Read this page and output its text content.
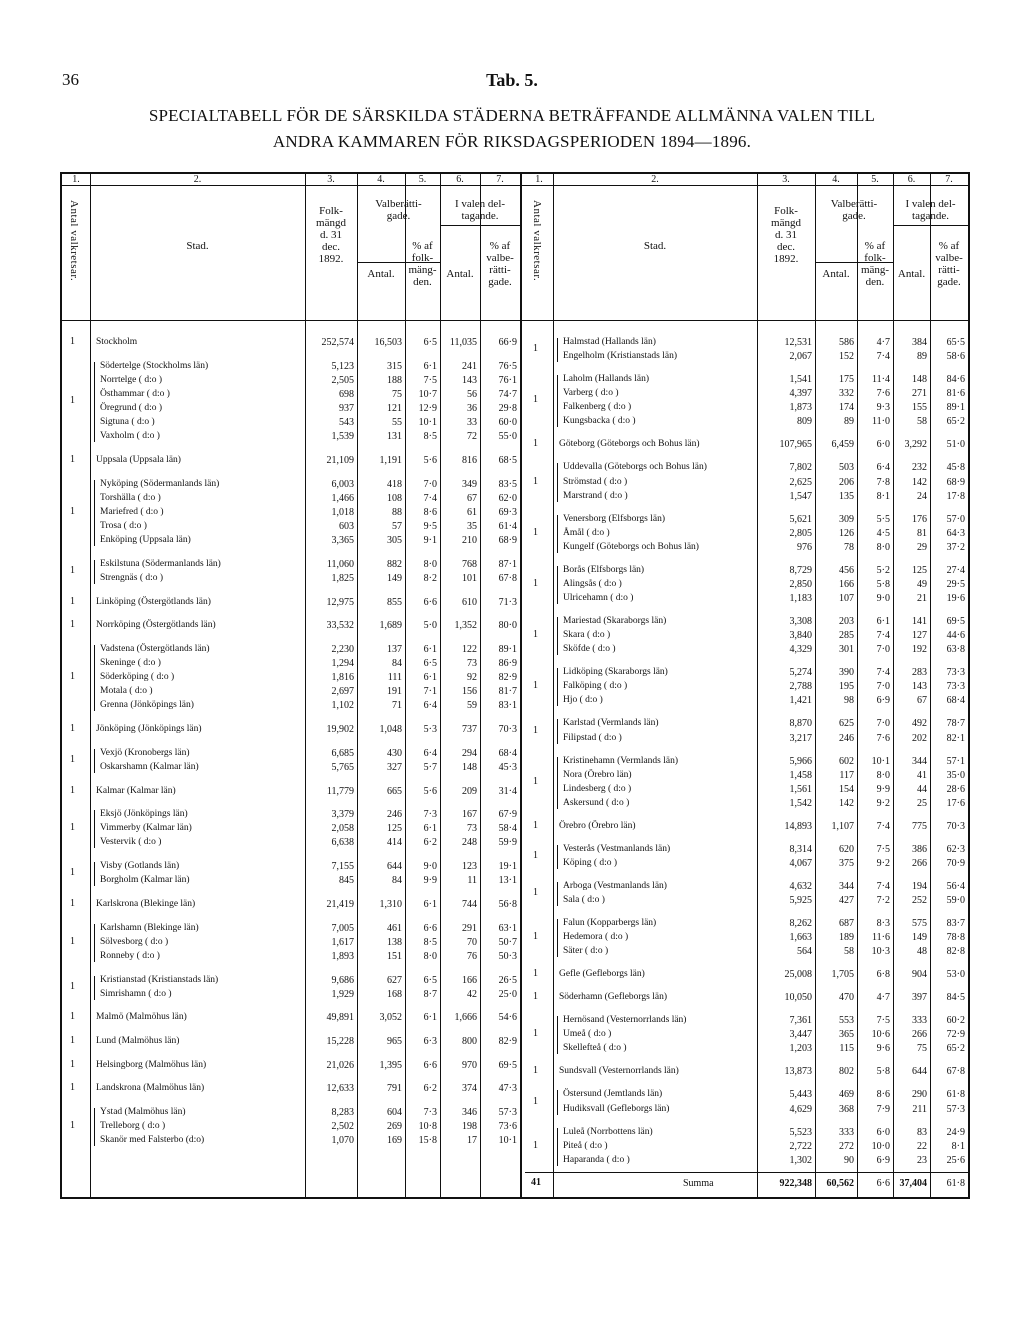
36	Tab. 5.
SPECIALTABELL FÖR DE SÄRSKILDA STÄDERNA BETRÄFFANDE ALLMÄNNA VALEN TILL
ANDRA KAMMAREN FÖR RIKSDAGSPERIODEN 1894—1896.
1.	2.	3.	4.	5.	6.	7.
Antal valkretsar.	Stad.
Folk-
mängd
d. 31
dec.
1892.
Valberätti-
gade.
Antal.
% af
folk-
mäng-
den.
I valen del-
tagande.
Antal.
% af
valbe-
rätti-
gade.
1.	2.	3.	4.	5.	6.	7.
Antal valkretsar.	Stad.
Folk-
mängd
d. 31
dec.
1892.
Valberätti-
gade.
Antal.
% af
folk-
mäng-
den.
I valen del-
tagande.
Antal.
% af
valbe-
rätti-
gade.
1 Stockholm	252,574	16,503	6·5	11,035	66·9
1
Södertelge (Stockholms län)	5,123	315	6·1	241	76·5
Norrtelge ( d:o )	2,505	188	7·5	143	76·1
Östhammar ( d:o )	698	75	10·7	56	74·7
Öregrund ( d:o )	937	121	12·9	36	29·8
Sigtuna ( d:o )	543	55	10·1	33	60·0
Vaxholm ( d:o )	1,539	131	8·5	72	55·0
1 Uppsala (Uppsala län)	21,109	1,191	5·6	816	68·5
1
Nyköping (Södermanlands län)	6,003	418	7·0	349	83·5
Torshälla ( d:o )	1,466	108	7·4	67	62·0
Mariefred ( d:o )	1,018	88	8·6	61	69·3
Trosa ( d:o )	603	57	9·5	35	61·4
Enköping (Uppsala län)	3,365	305	9·1	210	68·9
1
Eskilstuna (Södermanlands län)	11,060	882	8·0	768	87·1
Strengnäs ( d:o )	1,825	149	8·2	101	67·8
1 Linköping (Östergötlands län)	12,975	855	6·6	610	71·3
1 Norrköping (Östergötlands län)	33,532	1,689	5·0	1,352	80·0
1
Vadstena (Östergötlands län)	2,230	137	6·1	122	89·1
Skeninge ( d:o )	1,294	84	6·5	73	86·9
Söderköping ( d:o )	1,816	111	6·1	92	82·9
Motala ( d:o )	2,697	191	7·1	156	81·7
Grenna (Jönköpings län)	1,102	71	6·4	59	83·1
1 Jönköping (Jönköpings län)	19,902	1,048	5·3	737	70·3
1
Vexjö (Kronobergs län)	6,685	430	6·4	294	68·4
Oskarshamn (Kalmar län)	5,765	327	5·7	148	45·3
1 Kalmar (Kalmar län)	11,779	665	5·6	209	31·4
1
Eksjö (Jönköpings län)	3,379	246	7·3	167	67·9
Vimmerby (Kalmar län)	2,058	125	6·1	73	58·4
Vestervik ( d:o )	6,638	414	6·2	248	59·9
1
Visby (Gotlands län)	7,155	644	9·0	123	19·1
Borgholm (Kalmar län)	845	84	9·9	11	13·1
1 Karlskrona (Blekinge län)	21,419	1,310	6·1	744	56·8
1
Karlshamn (Blekinge län)	7,005	461	6·6	291	63·1
Sölvesborg ( d:o )	1,617	138	8·5	70	50·7
Ronneby ( d:o )	1,893	151	8·0	76	50·3
1
Kristianstad (Kristianstads län)	9,686	627	6·5	166	26·5
Simrishamn ( d:o )	1,929	168	8·7	42	25·0
1 Malmö (Malmöhus län)	49,891	3,052	6·1	1,666	54·6
1 Lund (Malmöhus län)	15,228	965	6·3	800	82·9
1 Helsingborg (Malmöhus län)	21,026	1,395	6·6	970	69·5
1 Landskrona (Malmöhus län)	12,633	791	6·2	374	47·3
1
Ystad (Malmöhus län)	8,283	604	7·3	346	57·3
Trelleborg ( d:o )	2,502	269	10·8	198	73·6
Skanör med Falsterbo (d:o)	1,070	169	15·8	17	10·1
1
Halmstad (Hallands län)	12,531	586	4·7	384	65·5
Engelholm (Kristianstads län)	2,067	152	7·4	89	58·6
1
Laholm (Hallands län)	1,541	175	11·4	148	84·6
Varberg ( d:o )	4,397	332	7·6	271	81·6
Falkenberg ( d:o )	1,873	174	9·3	155	89·1
Kungsbacka ( d:o )	809	89	11·0	58	65·2
1 Göteborg (Göteborgs och Bohus län)	107,965	6,459	6·0	3,292	51·0
1
Uddevalla (Göteborgs och Bohus län)	7,802	503	6·4	232	45·8
Strömstad ( d:o )	2,625	206	7·8	142	68·9
Marstrand ( d:o )	1,547	135	8·1	24	17·8
1
Venersborg (Elfsborgs län)	5,621	309	5·5	176	57·0
Åmål ( d:o )	2,805	126	4·5	81	64·3
Kungelf (Göteborgs och Bohus län)	976	78	8·0	29	37·2
1
Borås (Elfsborgs län)	8,729	456	5·2	125	27·4
Alingsås ( d:o )	2,850	166	5·8	49	29·5
Ulricehamn ( d:o )	1,183	107	9·0	21	19·6
1
Mariestad (Skaraborgs län)	3,308	203	6·1	141	69·5
Skara ( d:o )	3,840	285	7·4	127	44·6
Sköfde ( d:o )	4,329	301	7·0	192	63·8
1
Lidköping (Skaraborgs län)	5,274	390	7·4	283	73·3
Falköping ( d:o )	2,788	195	7·0	143	73·3
Hjo ( d:o )	1,421	98	6·9	67	68·4
1
Karlstad (Vermlands län)	8,870	625	7·0	492	78·7
Filipstad ( d:o )	3,217	246	7·6	202	82·1
1
Kristinehamn (Vermlands län)	5,966	602	10·1	344	57·1
Nora (Örebro län)	1,458	117	8·0	41	35·0
Lindesberg ( d:o )	1,561	154	9·9	44	28·6
Askersund ( d:o )	1,542	142	9·2	25	17·6
1 Örebro (Örebro län)	14,893	1,107	7·4	775	70·3
1
Vesterås (Vestmanlands län)	8,314	620	7·5	386	62·3
Köping ( d:o )	4,067	375	9·2	266	70·9
1
Arboga (Vestmanlands län)	4,632	344	7·4	194	56·4
Sala ( d:o )	5,925	427	7·2	252	59·0
1
Falun (Kopparbergs län)	8,262	687	8·3	575	83·7
Hedemora ( d:o )	1,663	189	11·6	149	78·8
Säter ( d:o )	564	58	10·3	48	82·8
1 Gefle (Gefleborgs län)	25,008	1,705	6·8	904	53·0
1 Söderhamn (Gefleborgs län)	10,050	470	4·7	397	84·5
1
Hernösand (Vesternorrlands län)	7,361	553	7·5	333	60·2
Umeå ( d:o )	3,447	365	10·6	266	72·9
Skellefteå ( d:o )	1,203	115	9·6	75	65·2
1 Sundsvall (Vesternorrlands län)	13,873	802	5·8	644	67·8
1
Östersund (Jemtlands län)	5,443	469	8·6	290	61·8
Hudiksvall (Gefleborgs län)	4,629	368	7·9	211	57·3
1
Luleå (Norrbottens län)	5,523	333	6·0	83	24·9
Piteå ( d:o )	2,722	272	10·0	22	8·1
Haparanda ( d:o )	1,302	90	6·9	23	25·6
41	Summa	922,348	60,562	6·6 37,404	61·8
